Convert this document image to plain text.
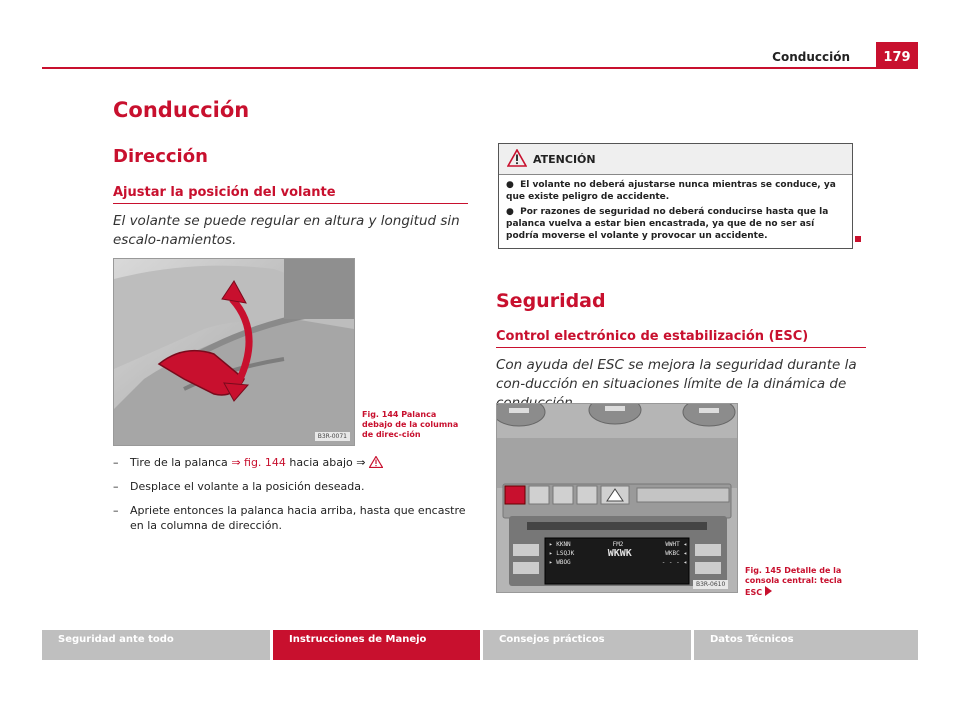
Conducción	179
Conducción
Dirección
Ajustar la posición del volante
El volante se puede regular en altura y longitud sin escalo-namientos.
B3R-0071
Fig. 144 Palanca debajo de la columna de direc-ción
– Tire de la palanca ⇒ fig. 144 hacia abajo ⇒
– Desplace el volante a la posición deseada.
– Apriete entonces la palanca hacia arriba, hasta que encastre en la columna de dirección.
ATENCIÓN

● El volante no deberá ajustarse nunca mientras se conduce, ya que existe peligro de accidente.

● Por razones de seguridad no deberá conducirse hasta que la palanca vuelva a estar bien encastrada, ya que de no ser así podría moverse el volante y provocar un accidente.

Seguridad
Control electrónico de estabilización (ESC)
Con ayuda del ESC se mejora la seguridad durante la con-ducción en situaciones límite de la dinámica de
▸ KKNN	FM2	WWHT ◂
▸ LSQJK	WKWK	WKBC ◂
▸ WBOG	- - - ◂
B3R-0610
Fig. 145 Detalle de la consola central: tecla ESC
Seguridad ante todo	Instrucciones de Manejo	Consejos prácticos	Datos Técnicos
